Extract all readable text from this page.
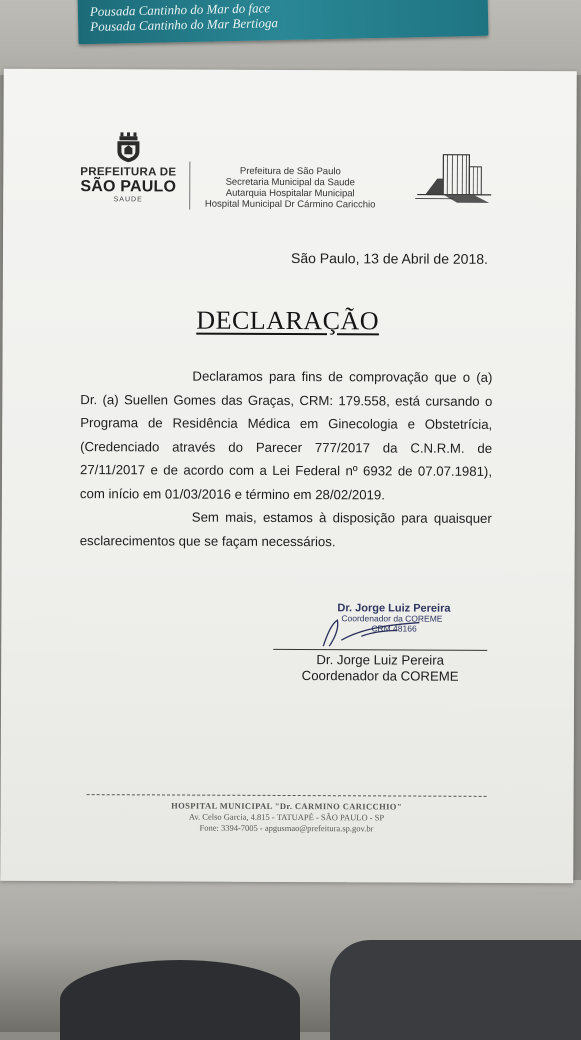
Pousada Cantinho do Mar do face
Pousada Cantinho do Mar Bertioga
PREFEITURA DE
SÃO PAULO
SAUDE
Prefeitura de São Paulo
Secretaria Municipal da Saude
Autarquia Hospitalar Municipal
Hospital Municipal Dr Cármino Caricchio
São Paulo, 13 de Abril de 2018.
DECLARAÇÃO

Declaramos para fins de comprovação que o (a) Dr. (a) Suellen Gomes das Graças, CRM: 179.558, está cursando o Programa de Residência Médica em Ginecologia e Obstetrícia, (Credenciado através do Parecer 777/2017 da C.N.R.M. de 27/11/2017 e de acordo com a Lei Federal nº 6932 de 07.07.1981), com início em 01/03/2016 e término em 28/02/2019.

Sem mais, estamos à disposição para quaisquer esclarecimentos que se façam necessários.

Dr. Jorge Luiz Pereira
Coordenador da COREME
CRM 48166
Dr. Jorge Luiz Pereira
Coordenador da COREME
HOSPITAL MUNICIPAL "Dr. CARMINO CARICCHIO"
Av. Celso Garcia, 4.815 - TATUAPÉ - SÃO PAULO - SP
Fone: 3394-7005 - apgusmao@prefeitura.sp.gov.br
